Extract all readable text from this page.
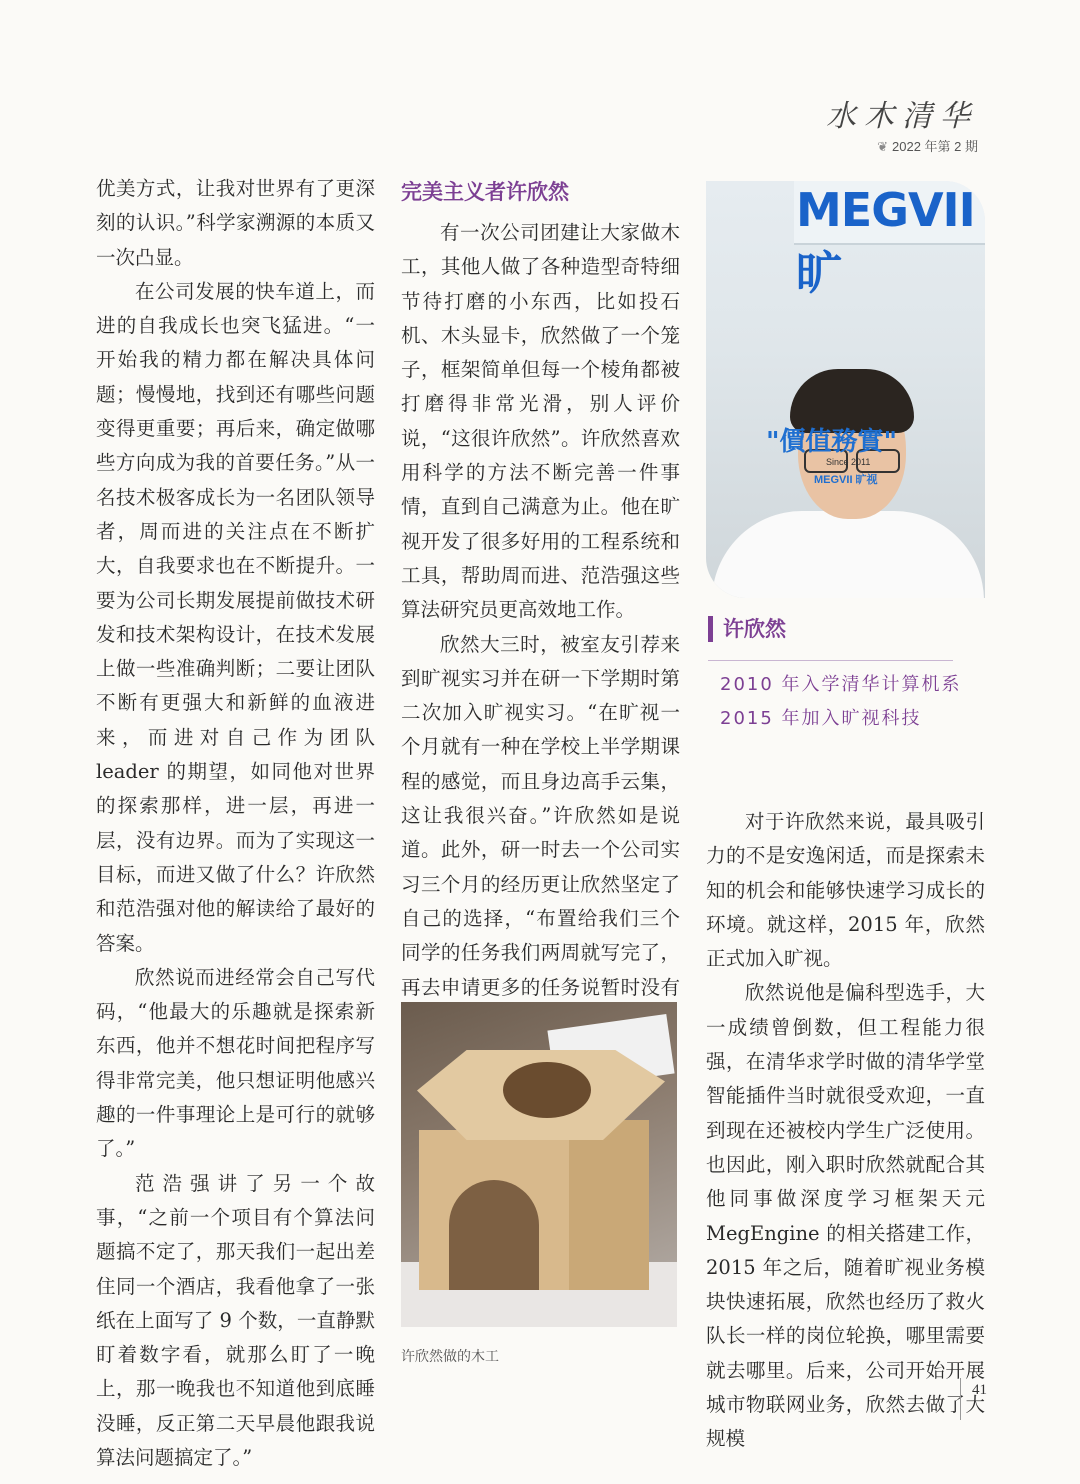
水木清华
❦ 2022 年第 2 期

优美方式，让我对世界有了更深刻的认识。”科学家溯源的本质又一次凸显。

在公司发展的快车道上，而进的自我成长也突飞猛进。“一开始我的精力都在解决具体问题；慢慢地，找到还有哪些问题变得更重要；再后来，确定做哪些方向成为我的首要任务。”从一名技术极客成长为一名团队领导者，周而进的关注点在不断扩大，自我要求也在不断提升。一要为公司长期发展提前做技术研发和技术架构设计，在技术发展上做一些准确判断；二要让团队不断有更强大和新鲜的血液进来，而进对自己作为团队 leader 的期望，如同他对世界的探索那样，进一层，再进一层，没有边界。而为了实现这一目标，而进又做了什么？许欣然和范浩强对他的解读给了最好的答案。

欣然说而进经常会自己写代码，“他最大的乐趣就是探索新东西，他并不想花时间把程序写得非常完美，他只想证明他感兴趣的一件事理论上是可行的就够了。”

范浩强讲了另一个故事，“之前一个项目有个算法问题搞不定了，那天我们一起出差住同一个酒店，我看他拿了一张纸在上面写了 9 个数，一直静默盯着数字看，就那么盯了一晚上，那一晚我也不知道他到底睡没睡，反正第二天早晨他跟我说算法问题搞定了。”

完美主义者许欣然

有一次公司团建让大家做木工，其他人做了各种造型奇特细节待打磨的小东西，比如投石机、木头显卡，欣然做了一个笼子，框架简单但每一个棱角都被打磨得非常光滑，别人评价说，“这很许欣然”。许欣然喜欢用科学的方法不断完善一件事情，直到自己满意为止。他在旷视开发了很多好用的工程系统和工具，帮助周而进、范浩强这些算法研究员更高效地工作。

欣然大三时，被室友引荐来到旷视实习并在研一下学期时第二次加入旷视实习。“在旷视一个月就有一种在学校上半学期课程的感觉，而且身边高手云集，这让我很兴奋。”许欣然如是说道。此外，研一时去一个公司实习三个月的经历更让欣然坚定了自己的选择，“布置给我们三个同学的任务我们两周就写完了，再去申请更多的任务说暂时没有

MEGVII 旷
"價值務實"
Since 2011
MEGVII 旷视
许欣然
2010 年入学清华计算机系
2015 年加入旷视科技

对于许欣然来说，最具吸引力的不是安逸闲适，而是探索未知的机会和能够快速学习成长的环境。就这样，2015 年，欣然正式加入旷视。

欣然说他是偏科型选手，大一成绩曾倒数，但工程能力很强，在清华求学时做的清华学堂智能插件当时就很受欢迎，一直到现在还被校内学生广泛使用。也因此，刚入职时欣然就配合其他同事做深度学习框架天元 MegEngine 的相关搭建工作，2015 年之后，随着旷视业务模块快速拓展，欣然也经历了救火队长一样的岗位轮换，哪里需要就去哪里。后来，公司开始开展城市物联网业务，欣然去做了大规模

许欣然做的木工
41
